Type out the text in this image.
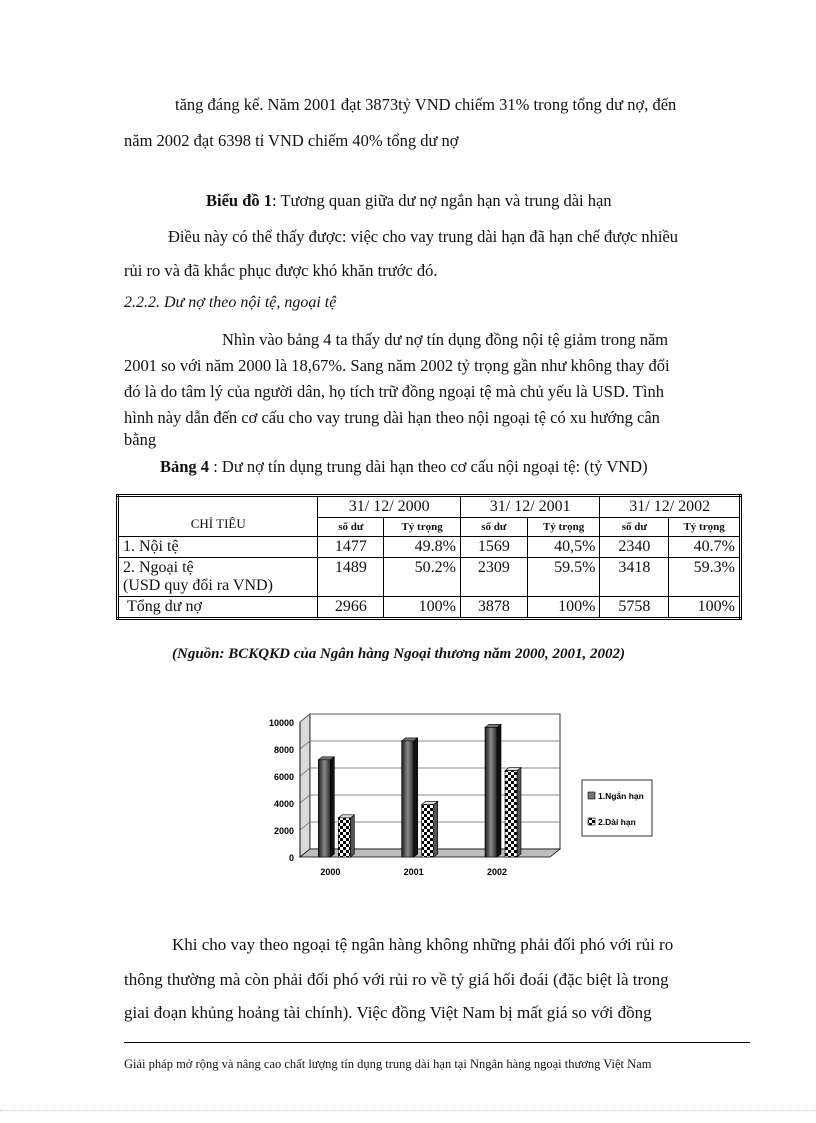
tăng đáng kể. Năm 2001 đạt 3873tỷ VND chiếm 31% trong tổng dư nợ, đến
năm 2002 đạt 6398 tỉ VND chiếm 40% tổng dư nợ
Biểu đồ 1: Tương quan giữa dư nợ ngắn hạn và trung dài hạn
Điều này có thể thấy được: việc cho vay trung dài hạn đã hạn chế được nhiều
rủi ro và đã khắc phục được khó khăn trước đó.
2.2.2. Dư nợ theo nội tệ, ngoại tệ
Nhìn vào bảng 4 ta thấy dư nợ tín dụng đồng nội tệ giảm trong năm
2001 so với năm 2000 là 18,67%. Sang năm 2002 tỷ trọng gần như không thay đổi
đó là do tâm lý của người dân, họ tích trữ đồng ngoại tệ mà chủ yếu là USD. Tình
hình này dẫn đến cơ cấu cho vay trung dài hạn theo nội ngoại tệ có xu hướng cân
bằng
Bảng 4 : Dư nợ tín dụng trung dài hạn theo cơ cấu nội ngoại tệ: (tỷ VND)
CHỈ TIÊU	31/ 12/ 2000		31/ 12/ 2001		31/ 12/ 2002	
	số dư	Tỷ trọng	số dư	Tỷ trọng	số dư	Tỷ trọng
1. Nội tệ	1477	49.8%	1569	40,5%	2340	40.7%

2. Ngoại tệ
(USD quy đổi ra VND)	1489	50.2%	2309	59.5%	3418	59.3%
Tổng dư nợ	2966	100%	3878	100%	5758	100%
(Nguồn: BCKQKD của Ngân hàng Ngoại thương năm 2000, 2001, 2002)
0
2000
4000
6000
8000
10000
2000	2001	2002
1.Ngắn hạn
2.Dài hạn
Khi cho vay theo ngoại tệ ngân hàng không những phải đối phó với rủi ro
thông thường mà còn phải đối phó với rủi ro về tỷ giá hối đoái (đặc biệt là trong
giai đoạn khủng hoảng tài chính). Việc đồng Việt Nam bị mất giá so với đồng
Giải pháp mở rộng và nâng cao chất lượng tín dụng trung dài hạn tại Nngân hàng ngoại thương Việt Nam
